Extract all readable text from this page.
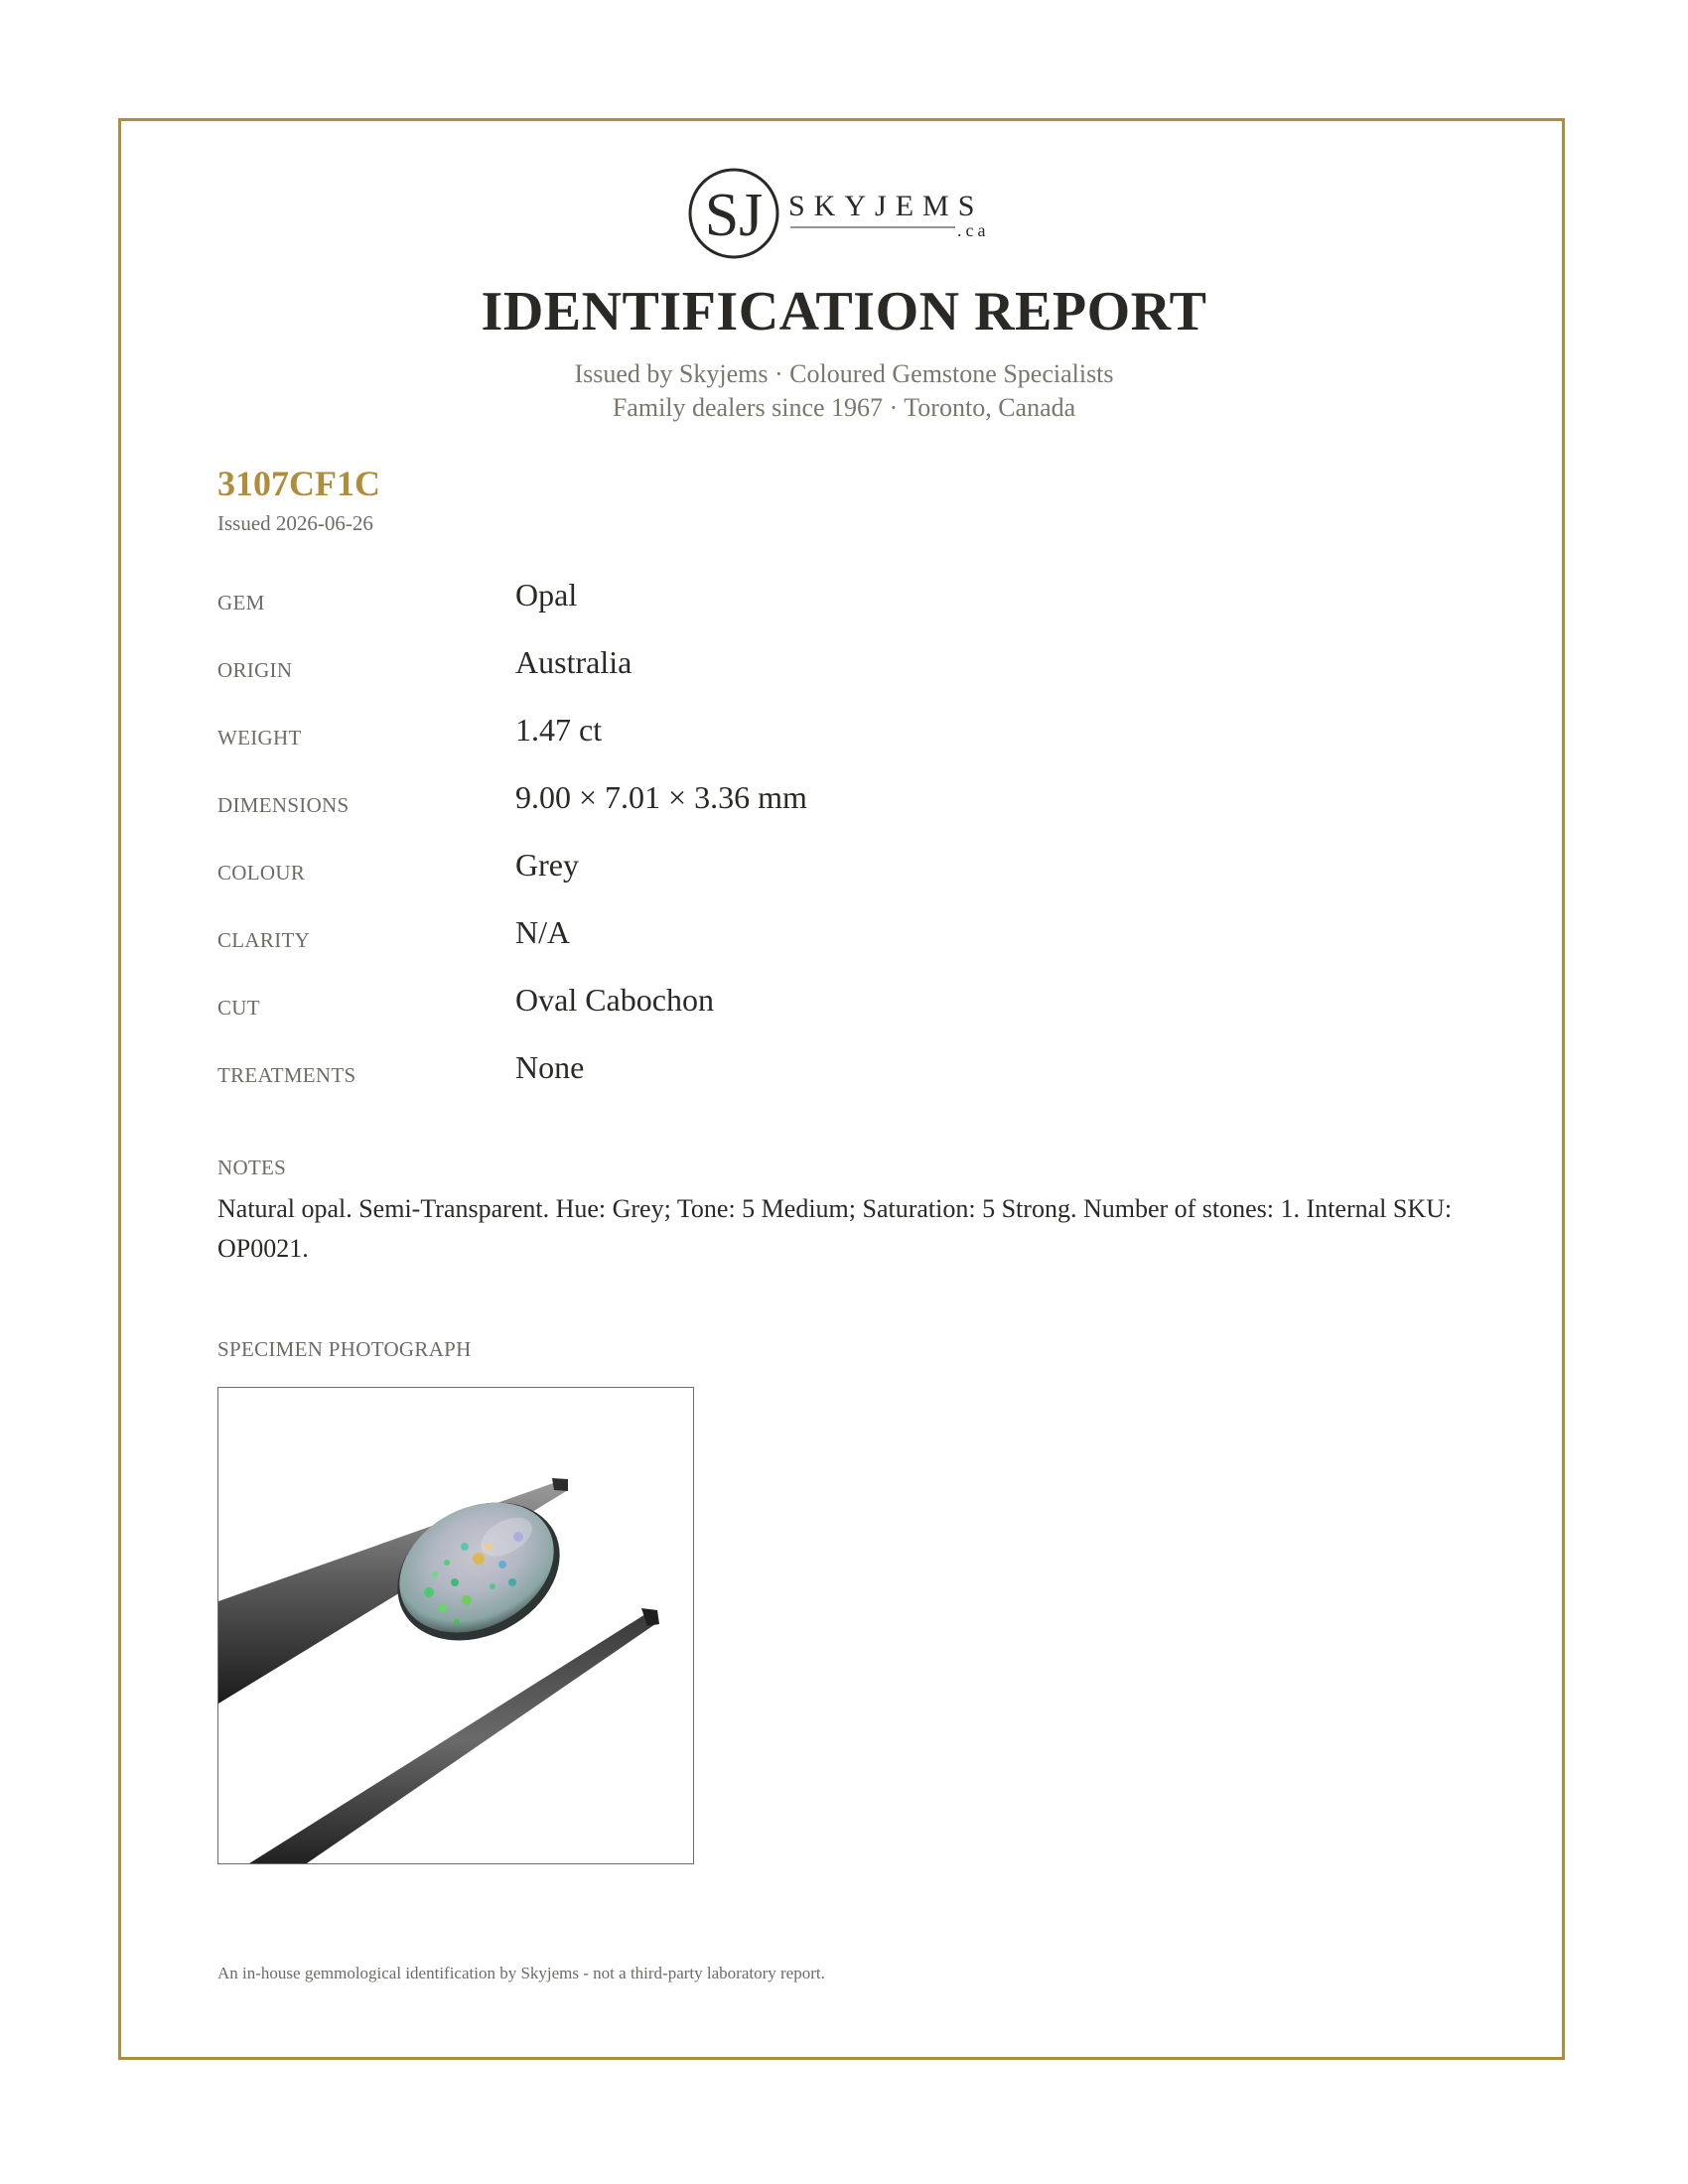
SJ SKYJEMS
.ca
IDENTIFICATION REPORT
Issued by Skyjems · Coloured Gemstone Specialists
Family dealers since 1967 · Toronto, Canada
3107CF1C
Issued 2026-06-26
GEM	Opal
ORIGIN	Australia
WEIGHT	1.47 ct
DIMENSIONS	9.00 × 7.01 × 3.36 mm
COLOUR	Grey
CLARITY	N/A
CUT	Oval Cabochon
TREATMENTS	None
NOTES
Natural opal. Semi-Transparent. Hue: Grey; Tone: 5 Medium; Saturation: 5 Strong. Number of stones: 1. Internal SKU: OP0021.
SPECIMEN PHOTOGRAPH
An in-house gemmological identification by Skyjems - not a third-party laboratory report.
